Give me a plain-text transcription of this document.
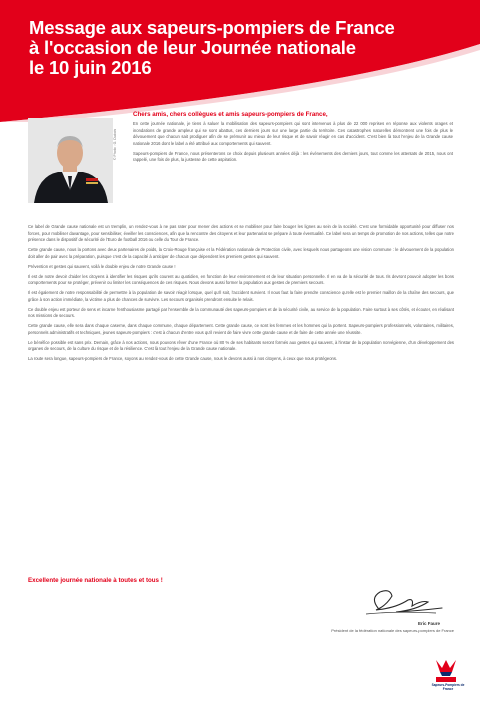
Message aux sapeurs-pompiers de France
à l'occasion de leur Journée nationale
le 10 juin 2016
© Photo : G. Dubois

Chers amis, chers collègues et amis sapeurs-pompiers de France,

En cette journée nationale, je tiens à saluer la mobilisation des sapeurs-pompiers qui sont intervenus à plus de 22 000 reprises en réponse aux violents orages et inondations de grande ampleur qui se sont abattus, ces derniers jours sur une large partie du territoire. Ces catastrophes naturelles démontrent une fois de plus le dévouement que chacun sait prodiguer afin de se prémunir au mieux de leur risque et de savoir réagir en cas d'accident. C'est bien là tout l'enjeu de la Grande cause nationale 2016 dont le label a été attribué aux comportements qui sauvent.

Sapeurs-pompiers de France, nous présenterons ce choix depuis plusieurs années déjà : les événements des derniers jours, tout comme les attentats de 2015, nous ont rappelé, une fois de plus, la justesse de cette aspiration.

Ce label de Grande cause nationale est un tremplin, un rendez-vous à ne pas rater pour mener des actions et se mobiliser pour faire bouger les lignes au sein de la société. C'est une formidable opportunité pour diffuser nos forces, pour mobiliser davantage, pour sensibiliser, éveiller les consciences, afin que la rencontre des citoyens et leur partenariat se prépare à toute éventualité. Ce label sera un temps de promotion de nos actions, telles que notre présence dans le dispositif de sécurité de l'Euro de football 2016 ou celle du Tour de France.

Cette grande cause, nous la portons avec deux partenaires de poids, la Croix-Rouge française et la Fédération nationale de Protection civile, avec lesquels nous partageons une vision commune : le dévouement de la population doit aller de pair avec la préparation, puisque c'est de la capacité à anticiper de chacun que dépendent les premiers gestes qui sauvent.

Prévention et gestes qui sauvent, voilà le double enjeu de notre Grande cause !

Il est de notre devoir d'aider les citoyens à identifier les risques qu'ils courent au quotidien, en fonction de leur environnement et de leur situation personnelle. Il en va de la sécurité de tous. Ils devront pouvoir adopter les bons comportements pour se protéger, prévenir ou limiter les conséquences de ces risques. Nous devons aussi former la population aux gestes de premiers secours.

Il est également de notre responsabilité de permettre à la population de savoir réagir lorsque, quel qu'il soit, l'accident survient. Il nous faut la faire prendre conscience qu'elle est le premier maillon de la chaîne des secours, que grâce à son action immédiate, la victime a plus de chances de survivre. Les secours organisés prendront ensuite le relais.

Ce double enjeu est porteur de sens et incarne l'enthousiasme partagé par l'ensemble de la communauté des sapeurs-pompiers et de la sécurité civile, au service de la population. Faire surtout à ses côtés, et écouter, en réalisant nos missions de secours.

Cette grande cause, elle sera dans chaque caserne, dans chaque commune, chaque département. Cette grande cause, ce sont les femmes et les hommes qui la portent. Sapeurs-pompiers professionnels, volontaires, militaires, personnels administratifs et techniques, jeunes sapeurs-pompiers : c'est à chacun d'entre vous qu'il revient de faire vivre cette grande cause et de faire de cette année une réussite.

Le bénéfice possible est sans prix. Demain, grâce à nos actions, nous pouvons rêver d'une France où 80 % de ses habitants seront formés aux gestes qui sauvent, à l'instar de la population norvégienne, d'un développement des organes de secours, de la culture du risque et de la résilience. C'est là tout l'enjeu de la Grande cause nationale.

La route sera longue, sapeurs-pompiers de France, soyons au rendez-vous de cette Grande cause, nous le devons aussi à nos citoyens, à ceux que nous protégeons.

Excellente journée nationale à toutes et tous !

Eric Faure

Président de la fédération nationale des sapeurs-pompiers de France

Sapeurs-Pompiers de France
